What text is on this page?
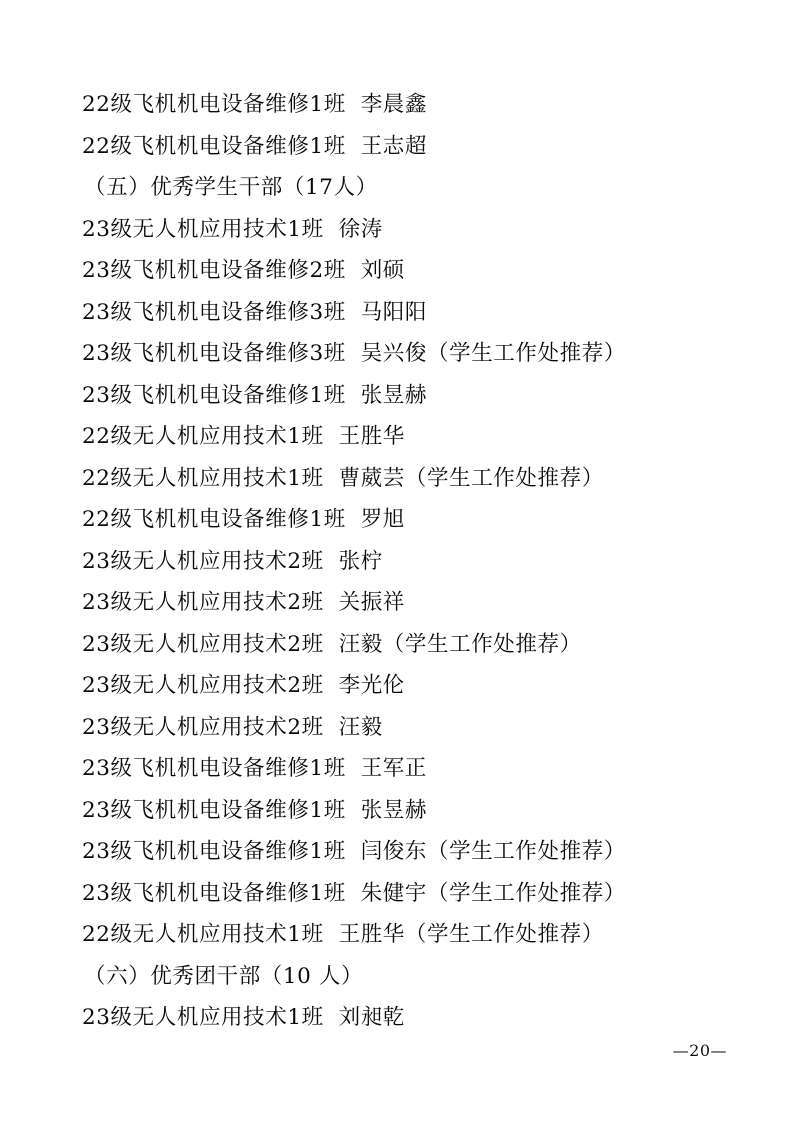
22级飞机机电设备维修1班  李晨鑫
22级飞机机电设备维修1班  王志超
（五）优秀学生干部（17人）
23级无人机应用技术1班  徐涛
23级飞机机电设备维修2班  刘硕
23级飞机机电设备维修3班  马阳阳
23级飞机机电设备维修3班  吴兴俊（学生工作处推荐）
23级飞机机电设备维修1班  张昱赫
22级无人机应用技术1班  王胜华
22级无人机应用技术1班  曹葳芸（学生工作处推荐）
22级飞机机电设备维修1班  罗旭
23级无人机应用技术2班  张柠
23级无人机应用技术2班  关振祥
23级无人机应用技术2班  汪毅（学生工作处推荐）
23级无人机应用技术2班  李光伦
23级无人机应用技术2班  汪毅
23级飞机机电设备维修1班  王军正
23级飞机机电设备维修1班  张昱赫
23级飞机机电设备维修1班  闫俊东（学生工作处推荐）
23级飞机机电设备维修1班  朱健宇（学生工作处推荐）
22级无人机应用技术1班  王胜华（学生工作处推荐）
（六）优秀团干部（10 人）
23级无人机应用技术1班  刘昶乾
—20—
